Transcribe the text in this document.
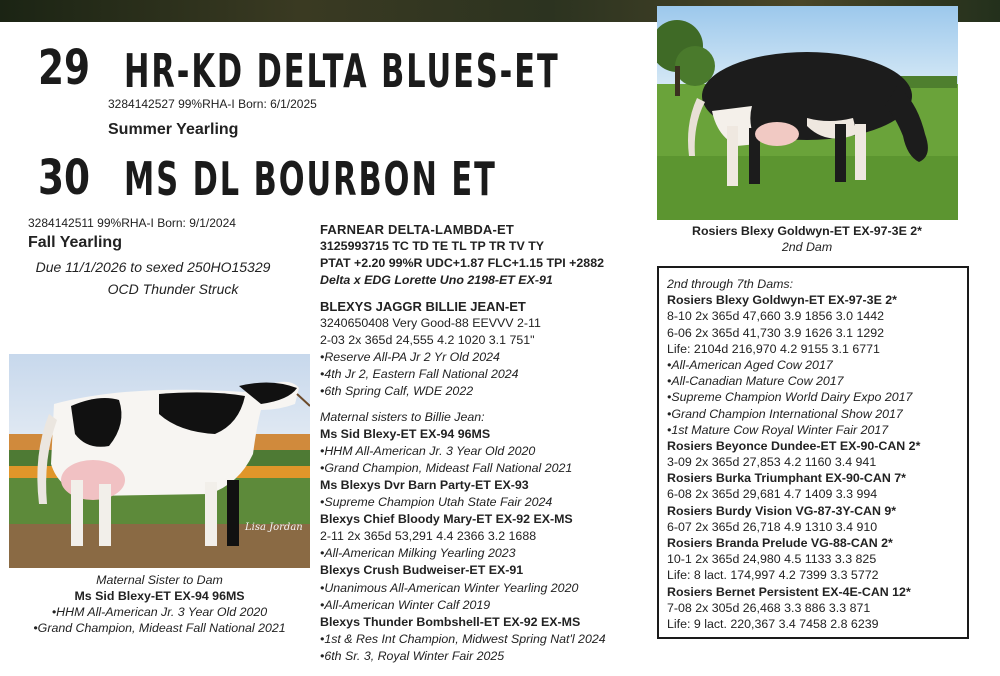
29 HR-KD DELTA BLUES-ET
3284142527 99%RHA-I Born: 6/1/2025
Summer Yearling
30 MS DL BOURBON ET
3284142511 99%RHA-I Born: 9/1/2024
Fall Yearling
Due 11/1/2026 to sexed 250HO15329
OCD Thunder Struck
FARNEAR DELTA-LAMBDA-ET
3125993715 TC TD TE TL TP TR TV TY
PTAT +2.20 99%R UDC+1.87 FLC+1.15 TPI +2882
Delta x EDG Lorette Uno 2198-ET EX-91
BLEXYS JAGGR BILLIE JEAN-ET
3240650408 Very Good-88 EEVVV 2-11
2-03 2x 365d 24,555 4.2 1020 3.1 751"
•Reserve All-PA Jr 2 Yr Old 2024
•4th Jr 2, Eastern Fall National 2024
•6th Spring Calf, WDE 2022
Maternal sisters to Billie Jean:
Ms Sid Blexy-ET EX-94 96MS
•HHM All-American Jr. 3 Year Old 2020
•Grand Champion, Mideast Fall National 2021
Ms Blexys Dvr Barn Party-ET EX-93
•Supreme Champion Utah State Fair 2024
Blexys Chief Bloody Mary-ET EX-92 EX-MS
2-11 2x 365d 53,291 4.4 2366 3.2 1688
•All-American Milking Yearling 2023
Blexys Crush Budweiser-ET EX-91
•Unanimous All-American Winter Yearling 2020
•All-American Winter Calf 2019
Blexys Thunder Bombshell-ET EX-92 EX-MS
•1st & Res Int Champion, Midwest Spring Nat'l 2024
•6th Sr. 3, Royal Winter Fair 2025
Rosiers Blexy Goldwyn-ET EX-97-3E 2*
2nd Dam
2nd through 7th Dams:
Rosiers Blexy Goldwyn-ET EX-97-3E 2*
8-10 2x 365d 47,660 3.9 1856 3.0 1442
6-06 2x 365d 41,730 3.9 1626 3.1 1292
Life: 2104d 216,970 4.2 9155 3.1 6771
•All-American Aged Cow 2017
•All-Canadian Mature Cow 2017
•Supreme Champion World Dairy Expo 2017
•Grand Champion International Show 2017
•1st Mature Cow Royal Winter Fair 2017
Rosiers Beyonce Dundee-ET EX-90-CAN 2*
3-09 2x 365d 27,853 4.2 1160 3.4 941
Rosiers Burka Triumphant EX-90-CAN 7*
6-08 2x 365d 29,681 4.7 1409 3.3 994
Rosiers Burdy Vision VG-87-3Y-CAN 9*
6-07 2x 365d 26,718 4.9 1310 3.4 910
Rosiers Branda Prelude VG-88-CAN 2*
10-1 2x 365d 24,980 4.5 1133 3.3 825
Life: 8 lact. 174,997 4.2 7399 3.3 5772
Rosiers Bernet Persistent EX-4E-CAN 12*
7-08 2x 305d 26,468 3.3 886 3.3 871
Life: 9 lact. 220,367 3.4 7458 2.8 6239
Lisa Jordan
Maternal Sister to Dam
Ms Sid Blexy-ET EX-94 96MS
•HHM All-American Jr. 3 Year Old 2020
•Grand Champion, Mideast Fall National 2021
